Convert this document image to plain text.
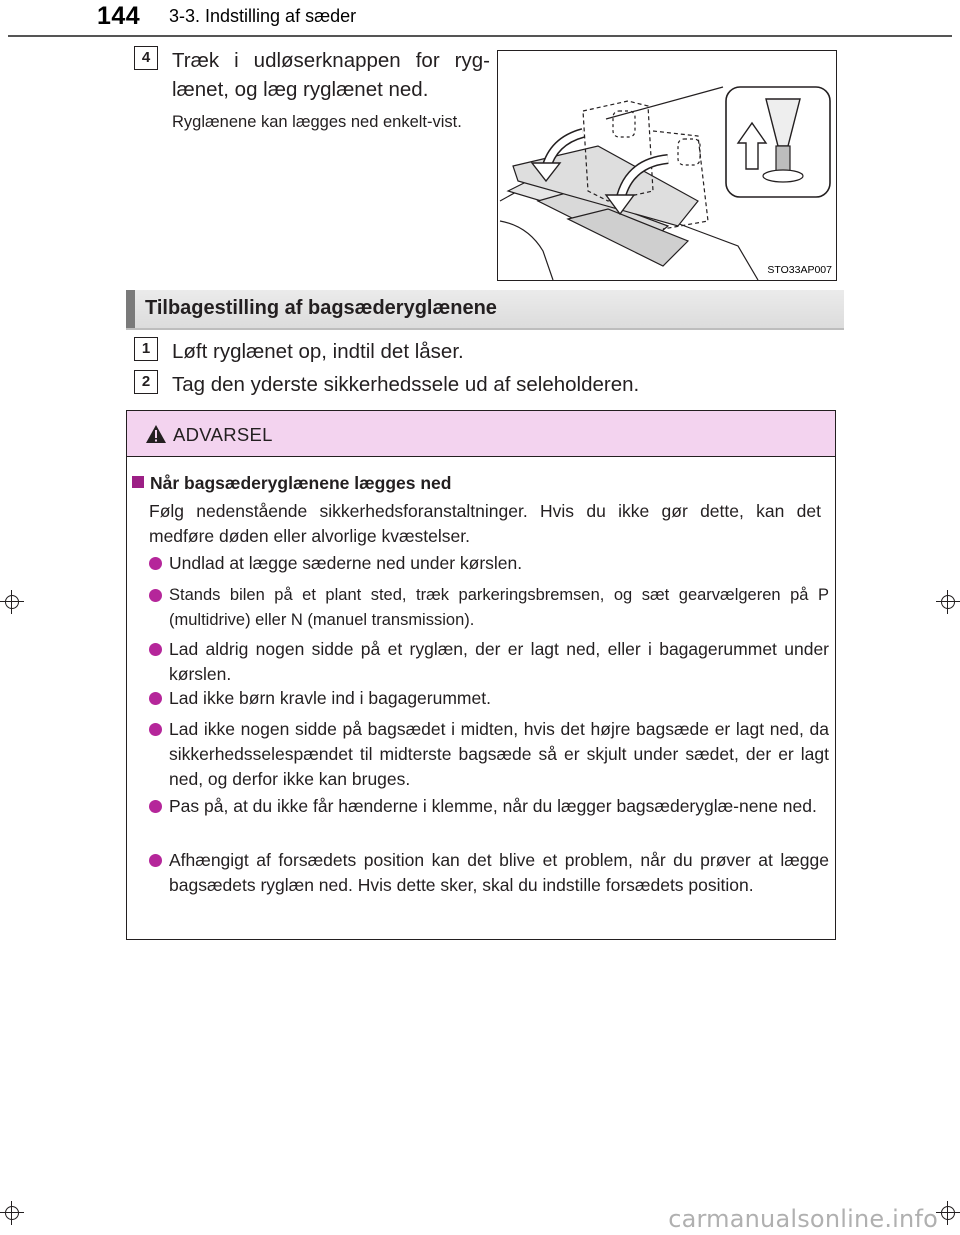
144 3-3. Indstilling af sæder
4	Træk i udløserknappen for ryg-lænet, og læg ryglænet ned.
Ryglænene kan lægges ned enkelt-vist.
STO33AP007
Tilbagestilling af bagsæderyglænene
1	Løft ryglænet op, indtil det låser.
2	Tag den yderste sikkerhedssele ud af seleholderen.
ADVARSEL
Når bagsæderyglænene lægges ned
Følg nedenstående sikkerhedsforanstaltninger. Hvis du ikke gør dette, kan det medføre døden eller alvorlige kvæstelser.
Undlad at lægge sæderne ned under kørslen.
Stands bilen på et plant sted, træk parkeringsbremsen, og sæt gearvælgeren på P (multidrive) eller N (manuel transmission).
Lad aldrig nogen sidde på et ryglæn, der er lagt ned, eller i bagagerummet under kørslen.
Lad ikke børn kravle ind i bagagerummet.
Lad ikke nogen sidde på bagsædet i midten, hvis det højre bagsæde er lagt ned, da sikkerhedsselespændet til midterste bagsæde så er skjult under sædet, der er lagt ned, og derfor ikke kan bruges.
Pas på, at du ikke får hænderne i klemme, når du lægger bagsæderyglæ-nene ned.
Afhængigt af forsædets position kan det blive et problem, når du prøver at lægge bagsædets ryglæn ned. Hvis dette sker, skal du indstille forsædets position.
carmanualsonline.info
